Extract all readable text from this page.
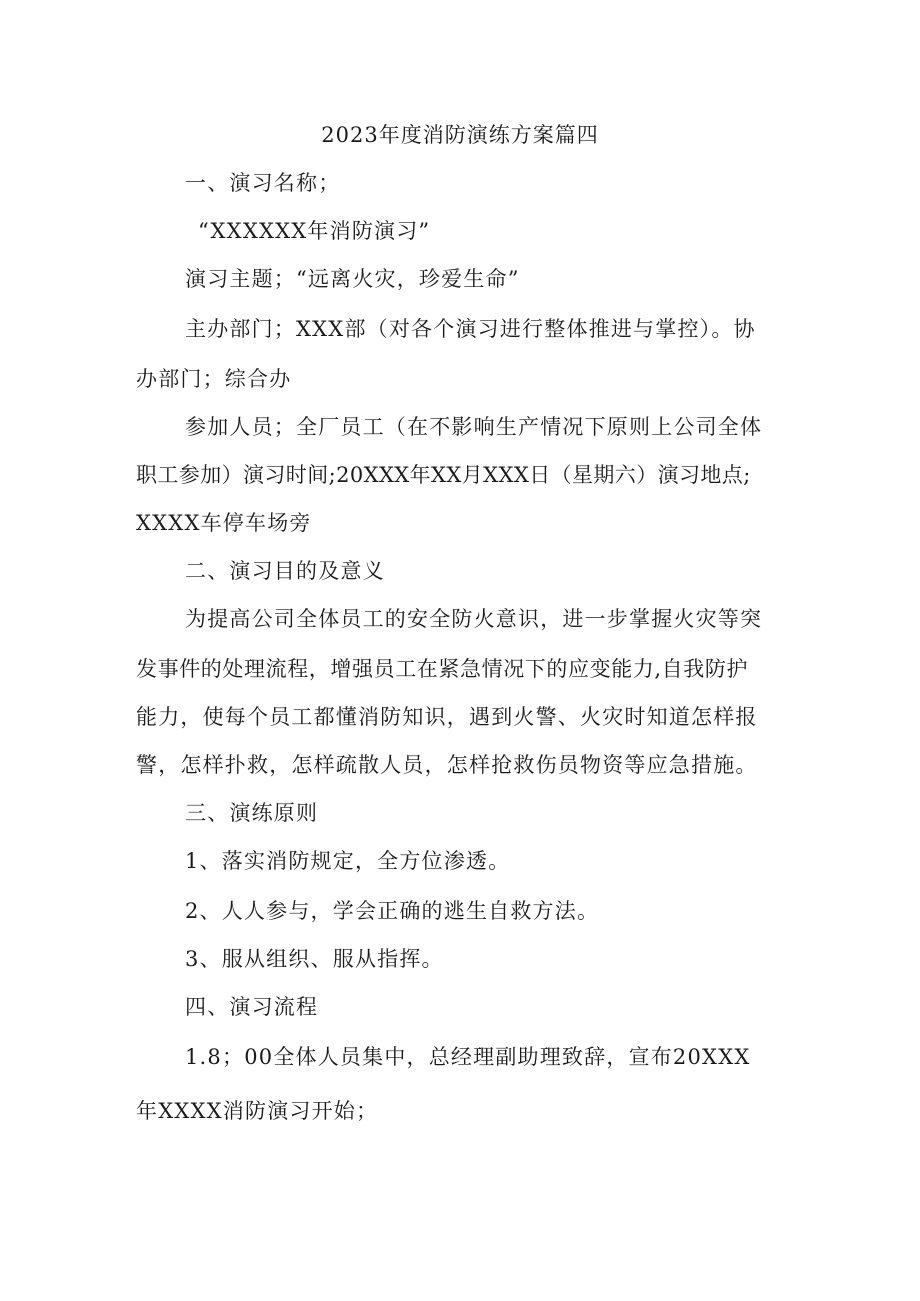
2023年度消防演练方案篇四
一、演习名称；
“XXXXXX年消防演习”
演习主题；“远离火灾，珍爱生命”
主办部门；XXX部（对各个演习进行整体推进与掌控）。协
办部门；综合办
参加人员；全厂员工（在不影响生产情况下原则上公司全体
职工参加）演习时间;20XXX年XX月XXX日（星期六）演习地点;
XXXX车停车场旁
二、演习目的及意义
为提高公司全体员工的安全防火意识，进一步掌握火灾等突
发事件的处理流程，增强员工在紧急情况下的应变能力,自我防护
能力，使每个员工都懂消防知识，遇到火警、火灾时知道怎样报
警，怎样扑救，怎样疏散人员，怎样抢救伤员物资等应急措施。
三、演练原则
1、落实消防规定，全方位渗透。
2、人人参与，学会正确的逃生自救方法。
3、服从组织、服从指挥。
四、演习流程
1.8；00全体人员集中，总经理副助理致辞，宣布20XXX
年XXXX消防演习开始；
